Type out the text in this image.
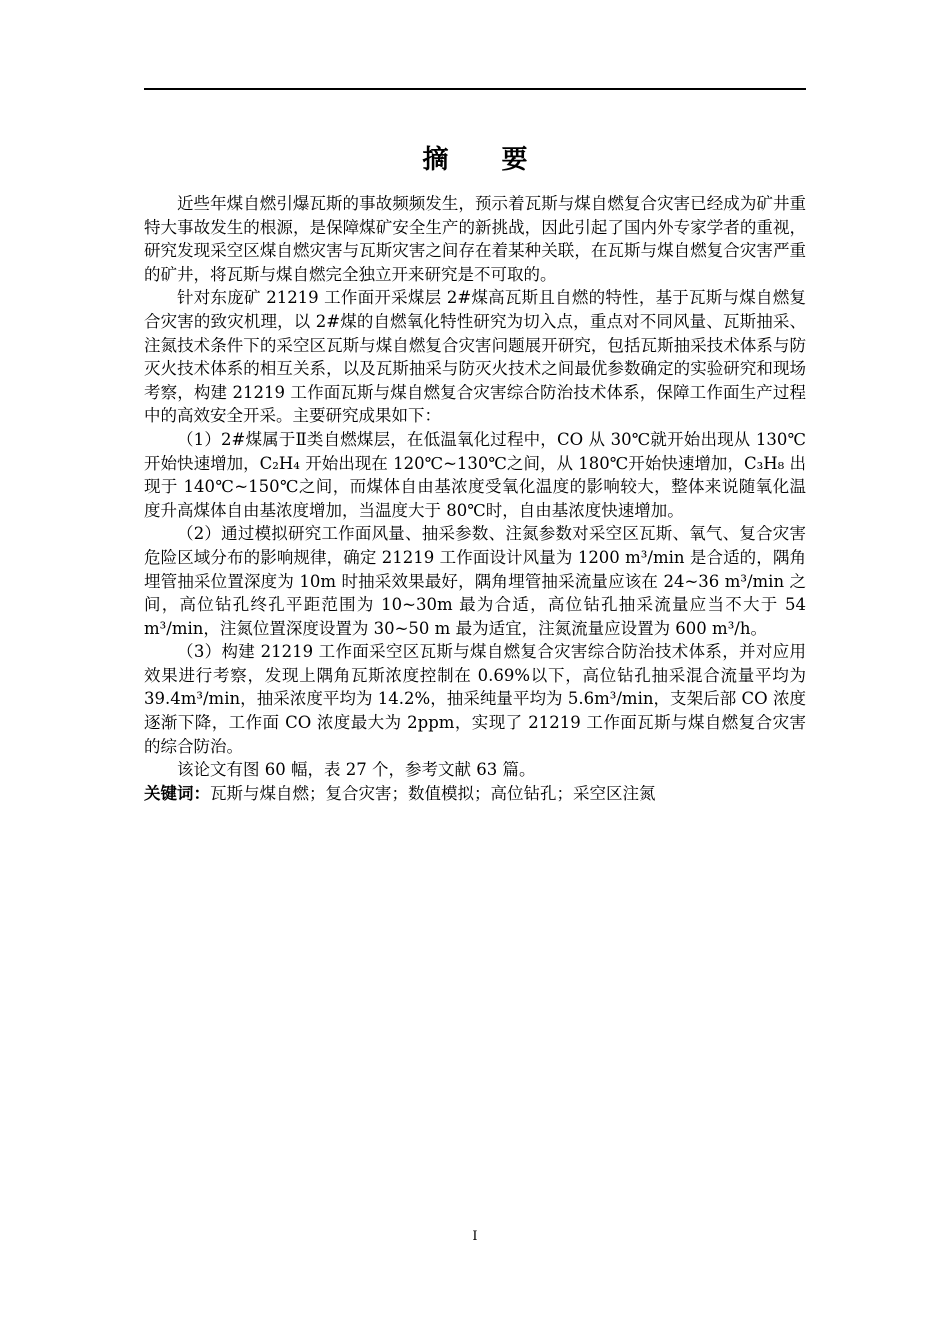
摘 要

近些年煤自燃引爆瓦斯的事故频频发生，预示着瓦斯与煤自燃复合灾害已经成为矿井重特大事故发生的根源，是保障煤矿安全生产的新挑战，因此引起了国内外专家学者的重视，研究发现采空区煤自燃灾害与瓦斯灾害之间存在着某种关联，在瓦斯与煤自燃复合灾害严重的矿井，将瓦斯与煤自燃完全独立开来研究是不可取的。

针对东庞矿 21219 工作面开采煤层 2#煤高瓦斯且自燃的特性，基于瓦斯与煤自燃复合灾害的致灾机理，以 2#煤的自燃氧化特性研究为切入点，重点对不同风量、瓦斯抽采、注氮技术条件下的采空区瓦斯与煤自燃复合灾害问题展开研究，包括瓦斯抽采技术体系与防灭火技术体系的相互关系，以及瓦斯抽采与防灭火技术之间最优参数确定的实验研究和现场考察，构建 21219 工作面瓦斯与煤自燃复合灾害综合防治技术体系，保障工作面生产过程中的高效安全开采。主要研究成果如下：

（1）2#煤属于Ⅱ类自燃煤层，在低温氧化过程中，CO 从 30℃就开始出现从 130℃开始快速增加，C₂H₄ 开始出现在 120℃~130℃之间，从 180℃开始快速增加，C₃H₈ 出现于 140℃~150℃之间，而煤体自由基浓度受氧化温度的影响较大，整体来说随氧化温度升高煤体自由基浓度增加，当温度大于 80℃时，自由基浓度快速增加。

（2）通过模拟研究工作面风量、抽采参数、注氮参数对采空区瓦斯、氧气、复合灾害危险区域分布的影响规律，确定 21219 工作面设计风量为 1200 m³/min 是合适的，隅角埋管抽采位置深度为 10m 时抽采效果最好，隅角埋管抽采流量应该在 24~36 m³/min 之间，高位钻孔终孔平距范围为 10~30m 最为合适，高位钻孔抽采流量应当不大于 54 m³/min，注氮位置深度设置为 30~50 m 最为适宜，注氮流量应设置为 600 m³/h。

（3）构建 21219 工作面采空区瓦斯与煤自燃复合灾害综合防治技术体系，并对应用效果进行考察，发现上隅角瓦斯浓度控制在 0.69%以下，高位钻孔抽采混合流量平均为 39.4m³/min，抽采浓度平均为 14.2%，抽采纯量平均为 5.6m³/min，支架后部 CO 浓度逐渐下降，工作面 CO 浓度最大为 2ppm，实现了 21219 工作面瓦斯与煤自燃复合灾害的综合防治。

该论文有图 60 幅，表 27 个，参考文献 63 篇。

关键词：瓦斯与煤自燃；复合灾害；数值模拟；高位钻孔；采空区注氮

I
